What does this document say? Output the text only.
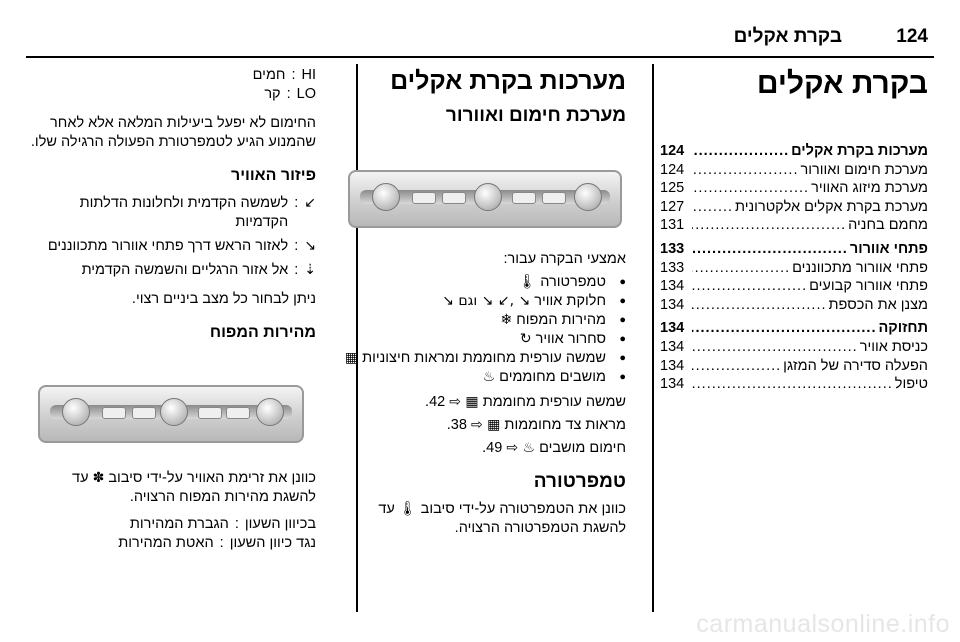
124
בקרת אקלים
בקרת אקלים
מערכות בקרת אקלים
.....
124
מערכת חימום ואוורור
.....
124
מערכת מיזוג האוויר
.....
125
מערכת בקרת אקלים אלקטרונית
.....
127
מחמם בחניה
.....
131
פתחי אוורור
.....
133
פתחי אוורור מתכווננים
.....
133
פתחי אוורור קבועים
.....
134
מצנן את הכספת
.....
134
תחזוקה
.....
134
כניסת אוויר
.....
134
הפעלה סדירה של המזגן
.....
134
טיפול
.....
134
מערכות בקרת אקלים
מערכת חימום ואוורור

אמצעי הבקרה עבור:

● טמפרטורה 🌡

● חלוקת אוויר ↘ ,↙ ↘ וגם ↘

● מהירות המפוח ❄

● סחרור אוויר ↻

● שמשה עורפית מחוממת ומראות חיצוניות ▦

● מושבים מחוממים ♨

שמשה עורפית מחוממת ▦ ⇨ 42.

מראות צד מחוממות ▦ ⇨ 38.

חימום מושבים ♨ ⇨ 49.

טמפרטורה

כוונן את הטמפרטורה על-ידי סיבוב 🌡 עד
להשגת הטמפרטורה הרצויה.

HI
:
חמים
LO
:
קר

החימום לא יפעל ביעילות המלאה אלא לאחר שהמנוע הגיע לטמפרטורת הפעולה הרגילה שלו.

פיזור האוויר
↙
:
לשמשה הקדמית ולחלונות הדלתות הקדמיות
↘
:
לאזור הראש דרך פתחי אוורור מתכווננים
⇣
:
אל אזור הרגליים והשמשה הקדמית

ניתן לבחור כל מצב ביניים רצוי.

מהירות המפוח

כוונן את זרימת האוויר על-ידי סיבוב ✽ עד להשגת מהירות המפוח הרצויה.

בכיוון השעון
:
הגברת המהירות
נגד כיוון השעון
:
האטת המהירות
carmanualsonline.info
